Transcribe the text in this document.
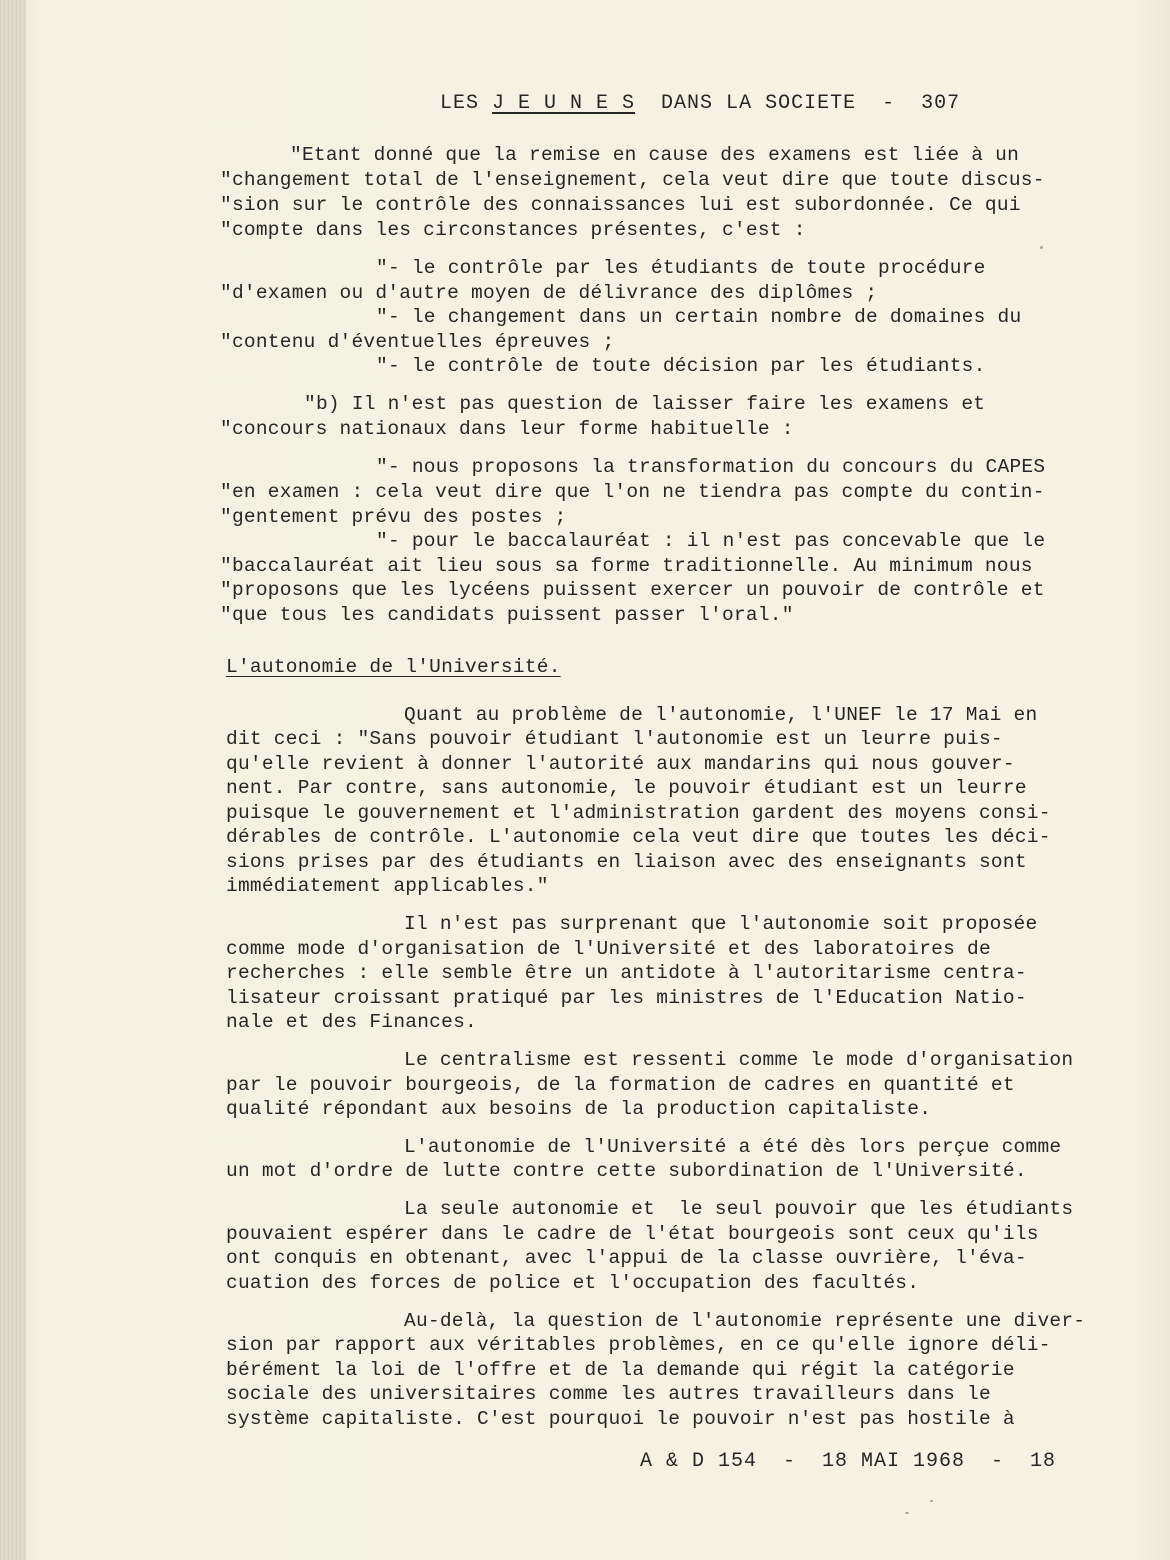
LES J E U N E S  DANS LA SOCIETE  -  307
"Etant donné que la remise en cause des examens est liée à un
"changement total de l'enseignement, cela veut dire que toute discus-
"sion sur le contrôle des connaissances lui est subordonnée. Ce qui
"compte dans les circonstances présentes, c'est :
"- le contrôle par les étudiants de toute procédure
"d'examen ou d'autre moyen de délivrance des diplômes ;
"- le changement dans un certain nombre de domaines du
"contenu d'éventuelles épreuves ;
"- le contrôle de toute décision par les étudiants.
"b) Il n'est pas question de laisser faire les examens et
"concours nationaux dans leur forme habituelle :
"- nous proposons la transformation du concours du CAPES
"en examen : cela veut dire que l'on ne tiendra pas compte du contin-
"gentement prévu des postes ;
"- pour le baccalauréat : il n'est pas concevable que le
"baccalauréat ait lieu sous sa forme traditionnelle. Au minimum nous
"proposons que les lycéens puissent exercer un pouvoir de contrôle et
"que tous les candidats puissent passer l'oral."
Quant au problème de l'autonomie, l'UNEF le 17 Mai en
dit ceci : "Sans pouvoir étudiant l'autonomie est un leurre puis-
qu'elle revient à donner l'autorité aux mandarins qui nous gouver-
nent. Par contre, sans autonomie, le pouvoir étudiant est un leurre
puisque le gouvernement et l'administration gardent des moyens consi-
dérables de contrôle. L'autonomie cela veut dire que toutes les déci-
sions prises par des étudiants en liaison avec des enseignants sont
immédiatement applicables."
Il n'est pas surprenant que l'autonomie soit proposée
comme mode d'organisation de l'Université et des laboratoires de
recherches : elle semble être un antidote à l'autoritarisme centra-
lisateur croissant pratiqué par les ministres de l'Education Natio-
nale et des Finances.
Le centralisme est ressenti comme le mode d'organisation
par le pouvoir bourgeois, de la formation de cadres en quantité et
qualité répondant aux besoins de la production capitaliste.
L'autonomie de l'Université a été dès lors perçue comme
un mot d'ordre de lutte contre cette subordination de l'Université.
La seule autonomie et  le seul pouvoir que les étudiants
pouvaient espérer dans le cadre de l'état bourgeois sont ceux qu'ils
ont conquis en obtenant, avec l'appui de la classe ouvrière, l'éva-
cuation des forces de police et l'occupation des facultés.
Au-delà, la question de l'autonomie représente une diver-
sion par rapport aux véritables problèmes, en ce qu'elle ignore déli-
bérément la loi de l'offre et de la demande qui régit la catégorie
sociale des universitaires comme les autres travailleurs dans le
système capitaliste. C'est pourquoi le pouvoir n'est pas hostile à
L'autonomie de l'Université.
A & D 154  -  18 MAI 1968  -  18
